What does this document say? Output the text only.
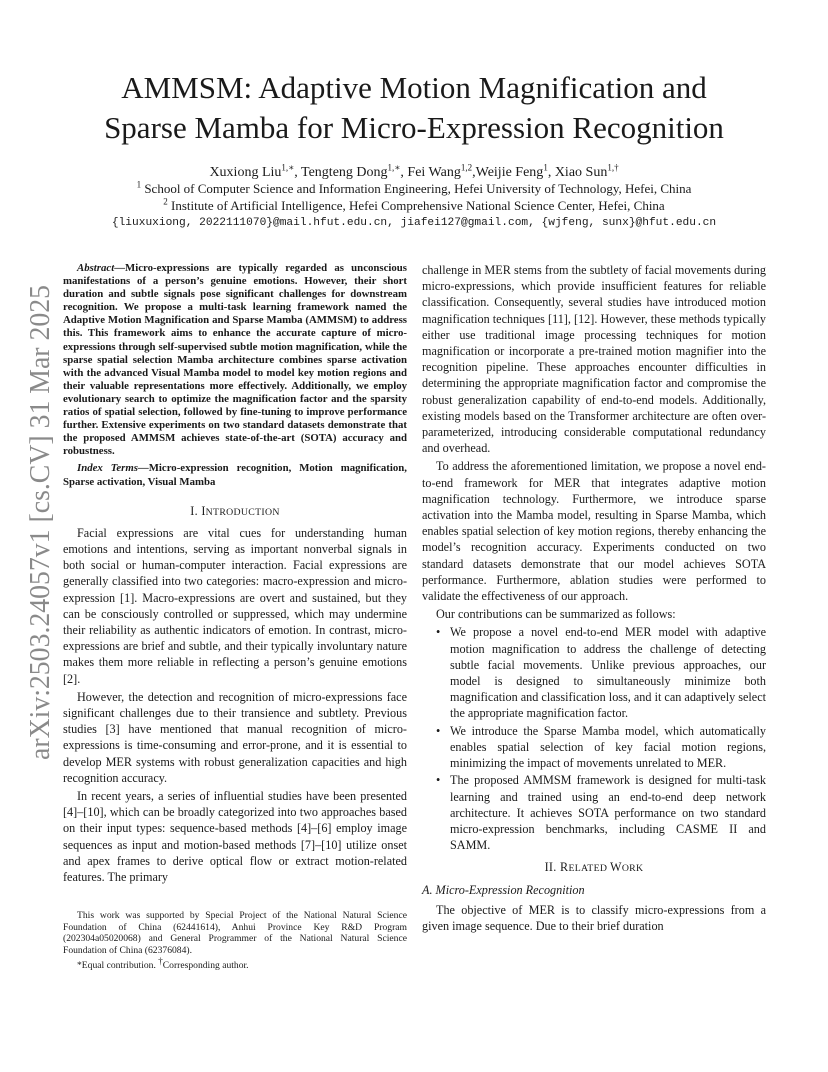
arXiv:2503.24057v1 [cs.CV] 31 Mar 2025
AMMSM: Adaptive Motion Magnification and
Sparse Mamba for Micro-Expression Recognition
Xuxiong Liu$^{1,∗}$, Tengteng Dong$^{1,∗}$, Fei Wang$^{1,2}$,Weijie Feng$^1$, Xiao Sun$^{1,\dagger}$
$^1$ School of Computer Science and Information Engineering, Hefei University of Technology, Hefei, China
$^2$ Institute of Artificial Intelligence, Hefei Comprehensive National Science Center, Hefei, China
{liuxuxiong, 2022111070}@mail.hfut.edu.cn, jiafei127@gmail.com, {wjfeng, sunx}@hfut.edu.cn

Abstract—Micro-expressions are typically regarded as unconscious manifestations of a person’s genuine emotions. However, their short duration and subtle signals pose significant challenges for downstream recognition. We propose a multi-task learning framework named the Adaptive Motion Magnification and Sparse Mamba (AMMSM) to address this. This framework aims to enhance the accurate capture of micro-expressions through self-supervised subtle motion magnification, while the sparse spatial selection Mamba architecture combines sparse activation with the advanced Visual Mamba model to model key motion regions and their valuable representations more effectively. Additionally, we employ evolutionary search to optimize the magnification factor and the sparsity ratios of spatial selection, followed by fine-tuning to improve performance further. Extensive experiments on two standard datasets demonstrate that the proposed AMMSM achieves state-of-the-art (SOTA) accuracy and robustness.

Index Terms—Micro-expression recognition, Motion magnification, Sparse activation, Visual Mamba

I. INTRODUCTION

Facial expressions are vital cues for understanding human emotions and intentions, serving as important nonverbal signals in both social or human-computer interaction. Facial expressions are generally classified into two categories: macro-expression and micro-expression [1]. Macro-expressions are overt and sustained, but they can be consciously controlled or suppressed, which may undermine their reliability as authentic indicators of emotion. In contrast, micro-expressions are brief and subtle, and their typically involuntary nature makes them more reliable in reflecting a person’s genuine emotions [2].

However, the detection and recognition of micro-expressions face significant challenges due to their transience and subtlety. Previous studies [3] have mentioned that manual recognition of micro-expressions is time-consuming and error-prone, and it is essential to develop MER systems with robust generalization capacities and high recognition accuracy.

In recent years, a series of influential studies have been presented [4]–[10], which can be broadly categorized into two approaches based on their input types: sequence-based methods [4]–[6] employ image sequences as input and motion-based methods [7]–[10] utilize onset and apex frames to derive optical flow or extract motion-related features. The primary

This work was supported by Special Project of the National Natural Science Foundation of China (62441614), Anhui Province Key R&D Program (202304a05020068) and General Programmer of the National Natural Science Foundation of China (62376084).

*Equal contribution. †Corresponding author.

challenge in MER stems from the subtlety of facial movements during micro-expressions, which provide insufficient features for reliable classification. Consequently, several studies have introduced motion magnification techniques [11], [12]. However, these methods typically either use traditional image processing techniques for motion magnification or incorporate a pre-trained motion magnifier into the recognition pipeline. These approaches encounter difficulties in determining the appropriate magnification factor and compromise the robust generalization capability of end-to-end models. Additionally, existing models based on the Transformer architecture are often over-parameterized, introducing considerable computational redundancy and overhead.

To address the aforementioned limitation, we propose a novel end-to-end framework for MER that integrates adaptive motion magnification technology. Furthermore, we introduce sparse activation into the Mamba model, resulting in Sparse Mamba, which enables spatial selection of key motion regions, thereby enhancing the model’s recognition accuracy. Experiments conducted on two standard datasets demonstrate that our model achieves SOTA performance. Furthermore, ablation studies were performed to validate the effectiveness of our approach.

Our contributions can be summarized as follows:

• We propose a novel end-to-end MER model with adaptive motion magnification to address the challenge of detecting subtle facial movements. Unlike previous approaches, our model is designed to simultaneously minimize both magnification and classification loss, and it can adaptively select the appropriate magnification factor.
• We introduce the Sparse Mamba model, which automatically enables spatial selection of key facial motion regions, minimizing the impact of movements unrelated to MER.
• The proposed AMMSM framework is designed for multi-task learning and trained using an end-to-end deep network architecture. It achieves SOTA performance on two standard micro-expression benchmarks, including CASME II and SAMM.
II. RELATED WORK
A. Micro-Expression Recognition

The objective of MER is to classify micro-expressions from a given image sequence. Due to their brief duration
